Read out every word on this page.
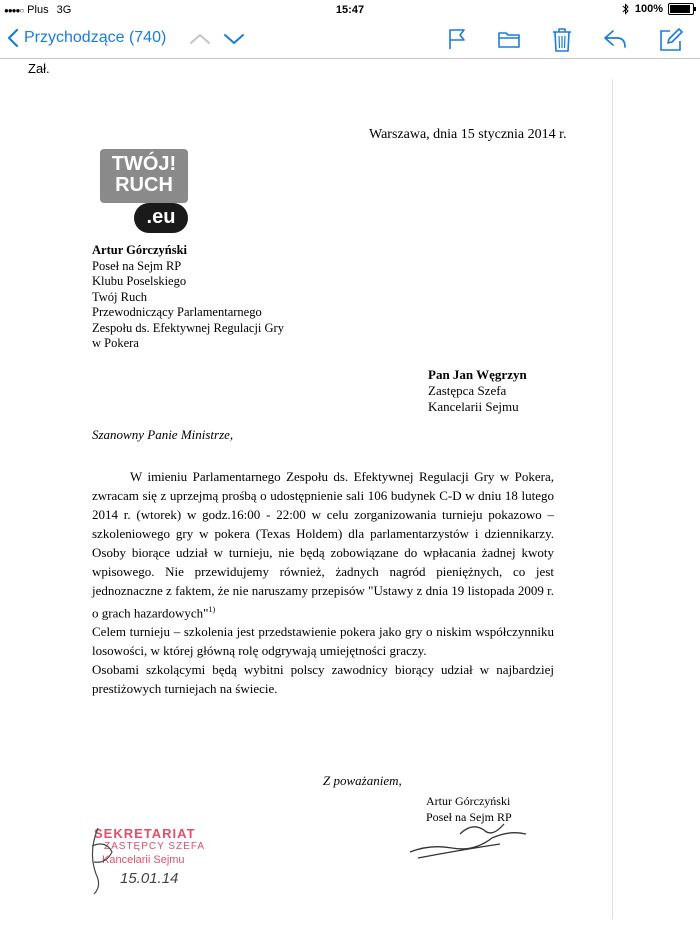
●●●●○ Plus 3G	15:47	100%
Przychodzące (740)
Zał.
Warszawa, dnia 15 stycznia 2014 r.
TWÓJ!
RUCH
.eu
Artur Górczyński
Poseł na Sejm RP
Klubu Poselskiego
Twój Ruch
Przewodniczący Parlamentarnego
Zespołu ds. Efektywnej Regulacji Gry
w Pokera
Pan Jan Węgrzyn
Zastępca Szefa
Kancelarii Sejmu
Szanowny Panie Ministrze,

W imieniu Parlamentarnego Zespołu ds. Efektywnej Regulacji Gry w Pokera, zwracam się z uprzejmą prośbą o udostępnienie sali 106 budynek C-D w dniu 18 lutego 2014 r. (wtorek) w godz.16:00 - 22:00 w celu zorganizowania turnieju pokazowo – szkoleniowego gry w pokera (Texas Holdem) dla parlamentarzystów i dziennikarzy. Osoby biorące udział w turnieju, nie będą zobowiązane do wpłacania żadnej kwoty wpisowego. Nie przewidujemy również, żadnych nagród pieniężnych, co jest jednoznaczne z faktem, że nie naruszamy przepisów "Ustawy z dnia 19 listopada 2009 r. o grach hazardowych"$^{1)}$

Celem turnieju – szkolenia jest przedstawienie pokera jako gry o niskim współczynniku losowości, w której główną rolę odgrywają umiejętności graczy.

Osobami szkolącymi będą wybitni polscy zawodnicy biorący udział w najbardziej prestiżowych turniejach na świecie.

Z poważaniem,
Artur Górczyński
Poseł na Sejm RP
SEKRETARIAT
ZASTĘPCY SZEFA
Kancelarii Sejmu
15.01.14
